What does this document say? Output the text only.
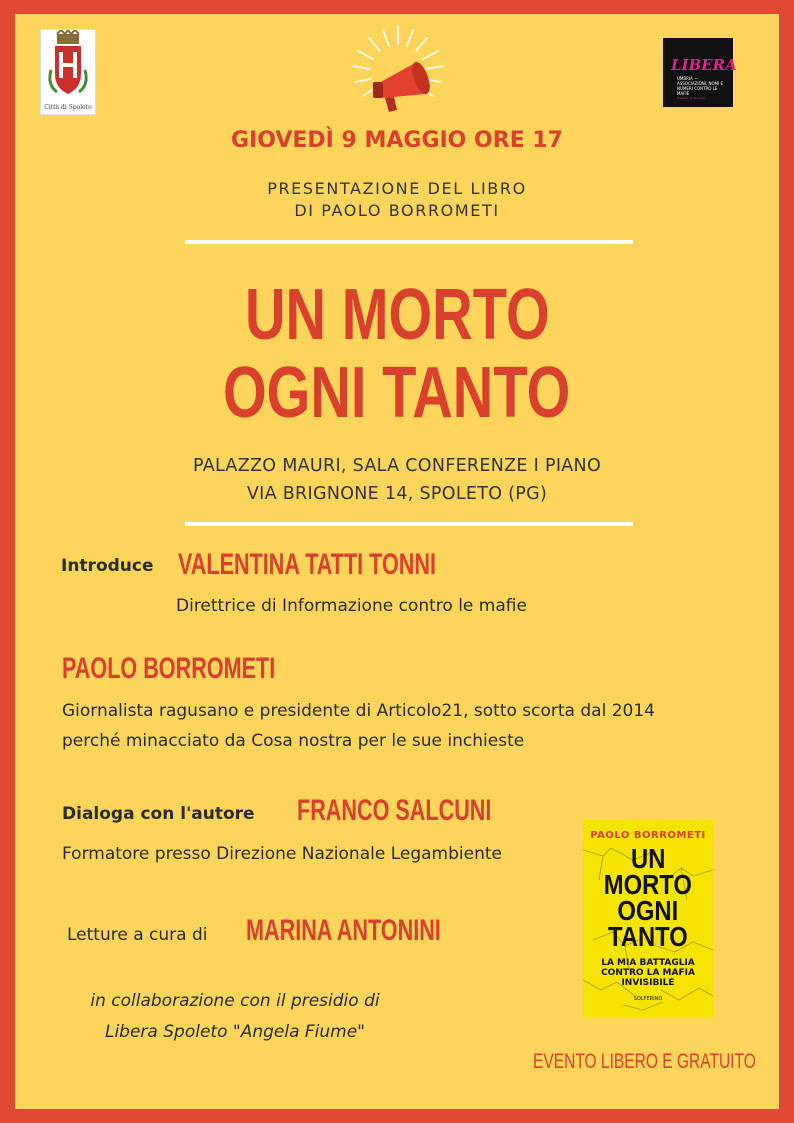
Città di Spoleto
LIBERA
UMBRIA — ASSOCIAZIONI, NOMI E NUMERI CONTRO LE MAFIE
Presidio di Spoleto
GIOVEDÌ 9 MAGGIO ORE 17
PRESENTAZIONE DEL LIBRO
DI PAOLO BORROMETI
UN MORTO
OGNI TANTO
PALAZZO MAURI, SALA CONFERENZE I PIANO
VIA BRIGNONE 14, SPOLETO (PG)
Introduce VALENTINA TATTI TONNI
Direttrice di Informazione contro le mafie
PAOLO BORROMETI
Giornalista ragusano e presidente di Articolo21, sotto scorta dal 2014
perché minacciato da Cosa nostra per le sue inchieste
Dialoga con l'autore FRANCO SALCUNI
Formatore presso Direzione Nazionale Legambiente
Letture a cura di MARINA ANTONINI
in collaborazione con il presidio di
Libera Spoleto "Angela Fiume"
PAOLO BORROMETI
UN
MORTO
OGNI
TANTO
LA MIA BATTAGLIA CONTRO LA MAFIA INVISIBILE
SOLFERINO
EVENTO LIBERO E GRATUITO
